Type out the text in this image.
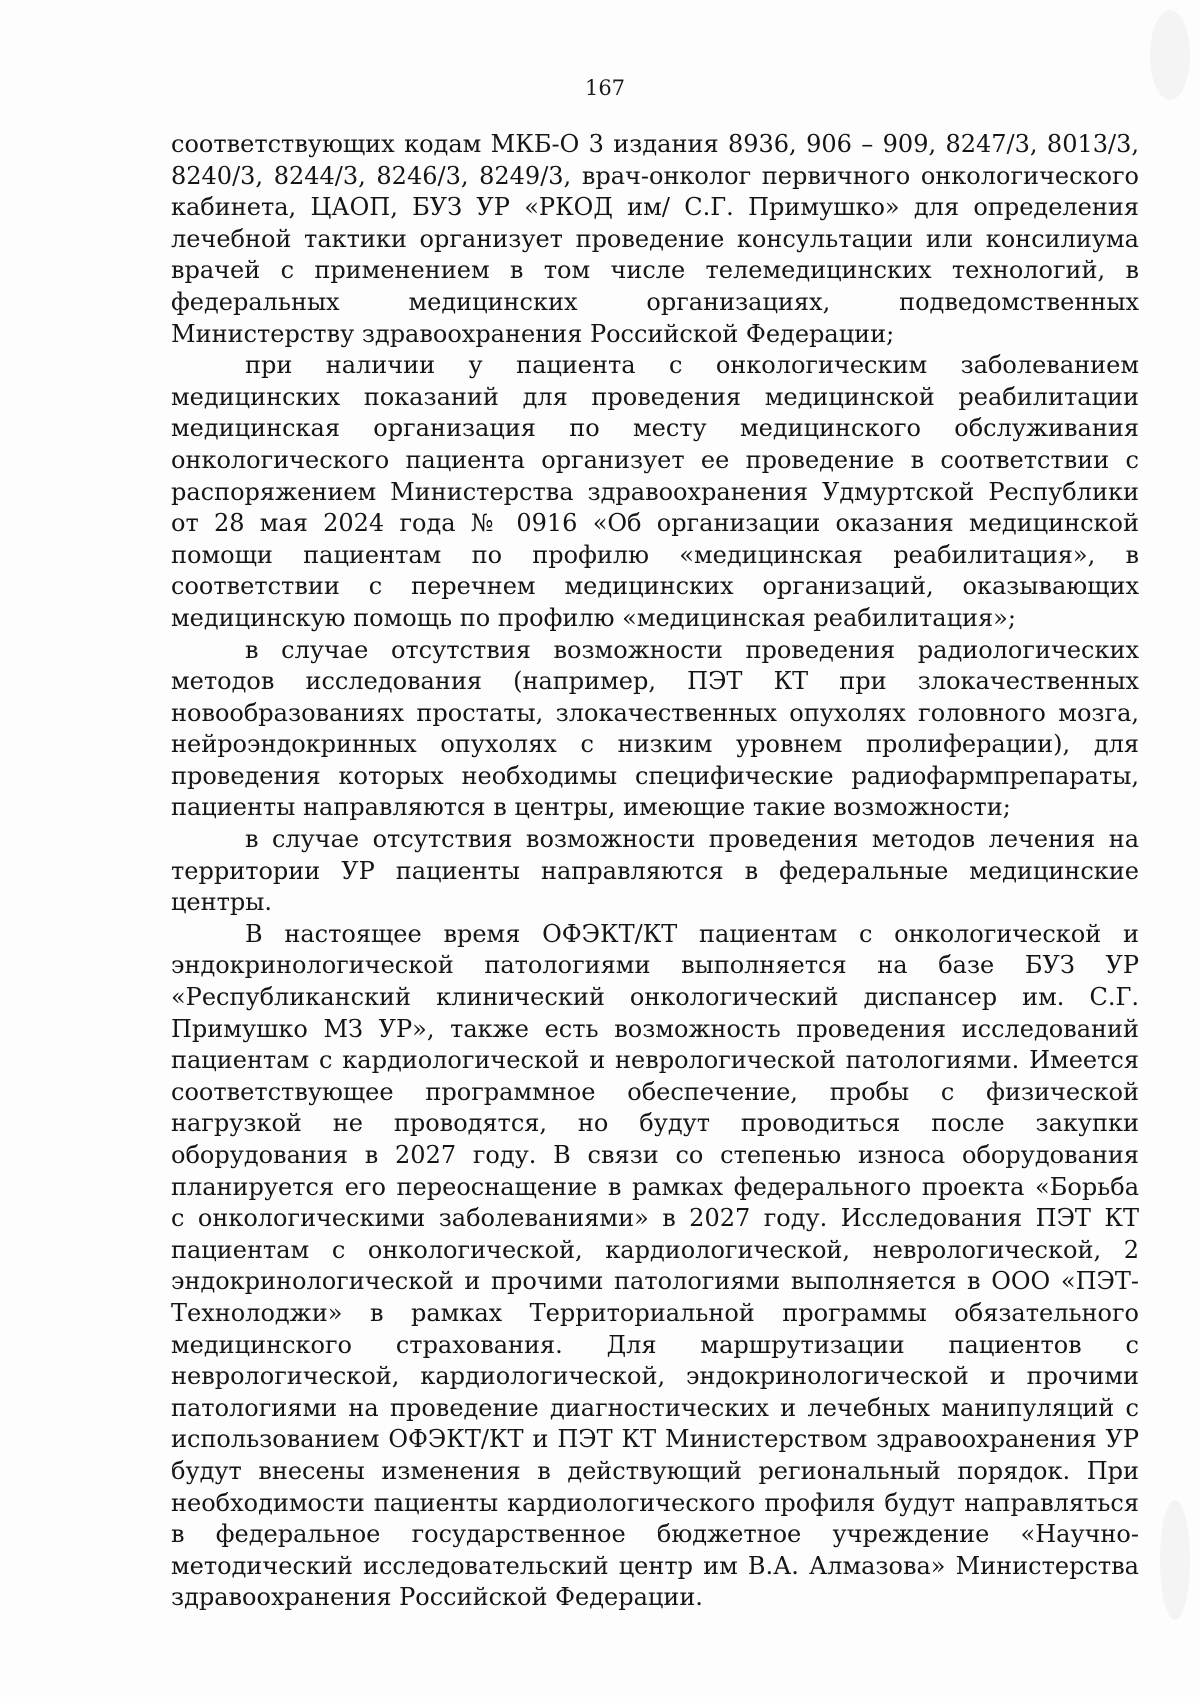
167

соответствующих кодам МКБ-О 3 издания 8936, 906 – 909, 8247/3, 8013/3, 8240/3, 8244/3, 8246/3, 8249/3, врач-онколог первичного онкологического кабинета, ЦАОП, БУЗ УР «РКОД им/ С.Г. Примушко» для определения лечебной тактики организует проведение консультации или консилиума врачей с применением в том числе телемедицинских технологий, в федеральных медицинских организациях, подведомственных Министерству здравоохранения Российской Федерации;

при наличии у пациента с онкологическим заболеванием медицинских показаний для проведения медицинской реабилитации медицинская организация по месту медицинского обслуживания онкологического пациента организует ее проведение в соответствии с распоряжением Министерства здравоохранения Удмуртской Республики от 28 мая 2024 года № 0916 «Об организации оказания медицинской помощи пациентам по профилю «медицинская реабилитация», в соответствии с перечнем медицинских организаций, оказывающих медицинскую помощь по профилю «медицинская реабилитация»;

в случае отсутствия возможности проведения радиологических методов исследования (например, ПЭТ КТ при злокачественных новообразованиях простаты, злокачественных опухолях головного мозга, нейроэндокринных опухолях с низким уровнем пролиферации), для проведения которых необходимы специфические радиофармпрепараты, пациенты направляются в центры, имеющие такие возможности;

в случае отсутствия возможности проведения методов лечения на территории УР пациенты направляются в федеральные медицинские центры.

В настоящее время ОФЭКТ/КТ пациентам с онкологической и эндокринологической патологиями выполняется на базе БУЗ УР «Республиканский клинический онкологический диспансер им. С.Г. Примушко МЗ УР», также есть возможность проведения исследований пациентам с кардиологической и неврологической патологиями. Имеется соответствующее программное обеспечение, пробы с физической нагрузкой не проводятся, но будут проводиться после закупки оборудования в 2027 году. В связи со степенью износа оборудования планируется его переоснащение в рамках федерального проекта «Борьба с онкологическими заболеваниями» в 2027 году. Исследования ПЭТ КТ пациентам с онкологической, кардиологической, неврологической, 2 эндокринологической и прочими патологиями выполняется в ООО «ПЭТ-Технолоджи» в рамках Территориальной программы обязательного медицинского страхования. Для маршрутизации пациентов с неврологической, кардиологической, эндокринологической и прочими патологиями на проведение диагностических и лечебных манипуляций с использованием ОФЭКТ/КТ и ПЭТ КТ Министерством здравоохранения УР будут внесены изменения в действующий региональный порядок. При необходимости пациенты кардиологического профиля будут направляться в федеральное государственное бюджетное учреждение «Научно-методический исследовательский центр им В.А. Алмазова» Министерства здравоохранения Российской Федерации.
